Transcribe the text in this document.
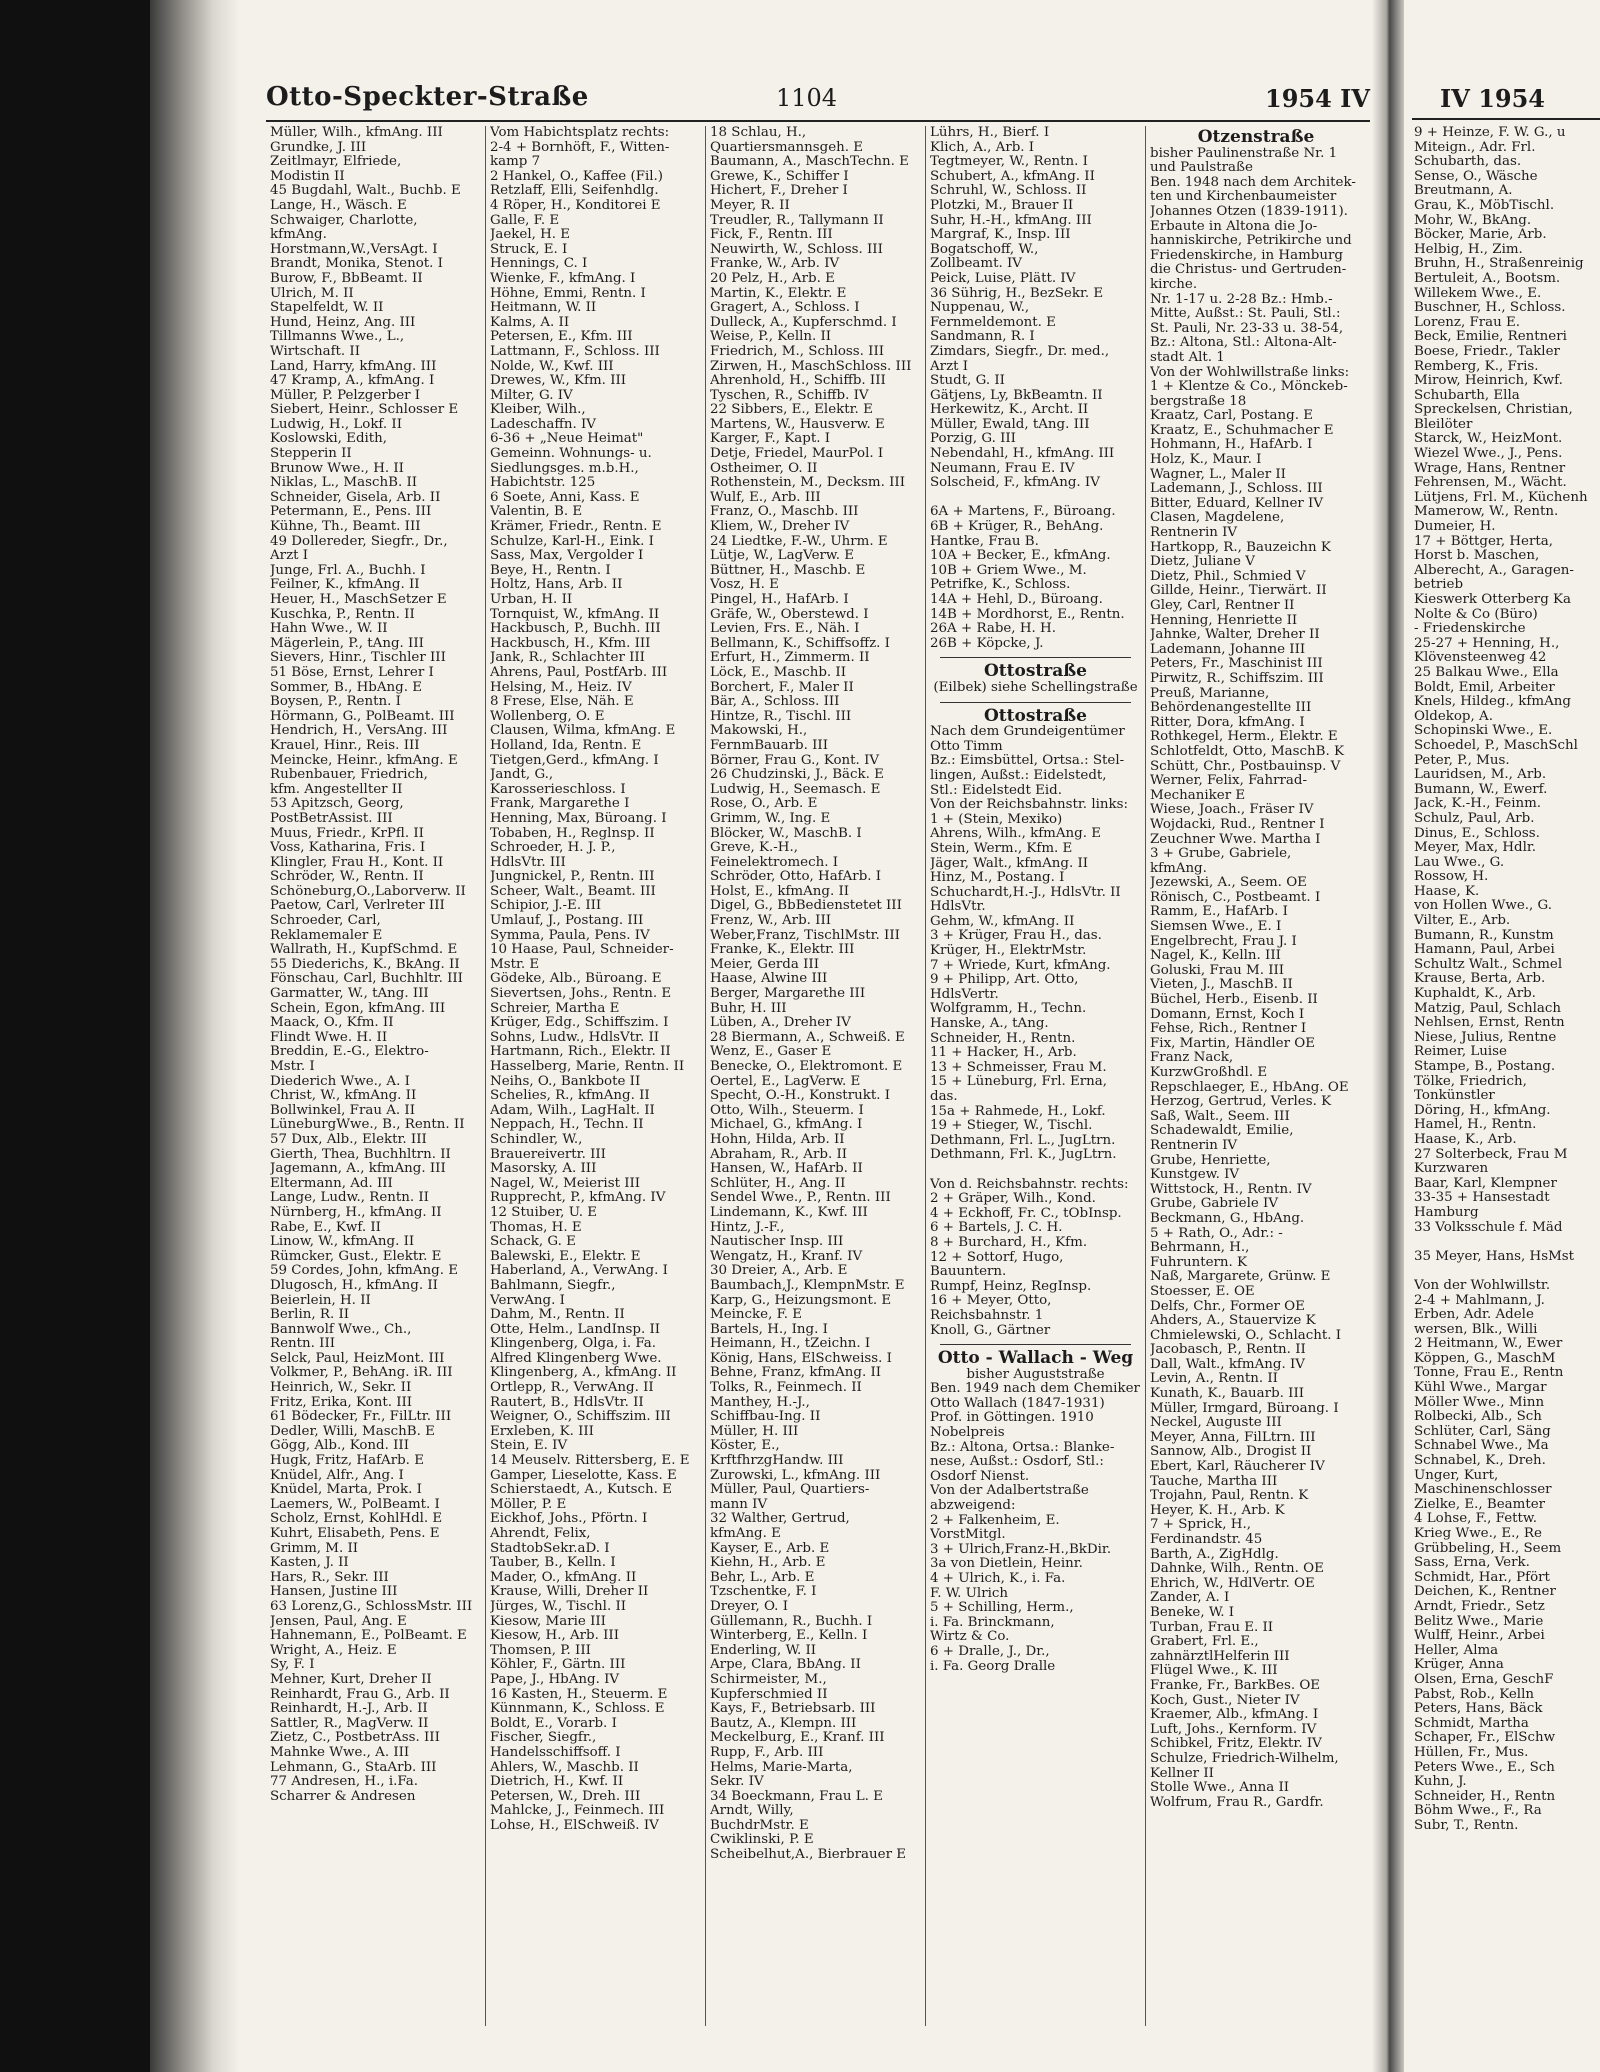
Otto-Speckter-Straße	1104	1954 IV
Müller, Wilh., kfmAng. III
Grundke, J. III
Zeitlmayr, Elfriede,
Modistin II
45 Bugdahl, Walt., Buchb. E
Lange, H., Wäsch. E
Schwaiger, Charlotte,
kfmAng.
Horstmann,W.,VersAgt. I
Brandt, Monika, Stenot. I
Burow, F., BbBeamt. II
Ulrich, M. II
Stapelfeldt, W. II
Hund, Heinz, Ang. III
Tillmanns Wwe., L.,
Wirtschaft. II
Land, Harry, kfmAng. III
47 Kramp, A., kfmAng. I
Müller, P. Pelzgerber I
Siebert, Heinr., Schlosser E
Ludwig, H., Lokf. II
Koslowski, Edith,
Stepperin II
Brunow Wwe., H. II
Niklas, L., MaschB. II
Schneider, Gisela, Arb. II
Petermann, E., Pens. III
Kühne, Th., Beamt. III
49 Dollereder, Siegfr., Dr.,
Arzt I
Junge, Frl. A., Buchh. I
Feilner, K., kfmAng. II
Heuer, H., MaschSetzer E
Kuschka, P., Rentn. II
Hahn Wwe., W. II
Mägerlein, P., tAng. III
Sievers, Hinr., Tischler III
51 Böse, Ernst, Lehrer I
Sommer, B., HbAng. E
Boysen, P., Rentn. I
Hörmann, G., PolBeamt. III
Hendrich, H., VersAng. III
Krauel, Hinr., Reis. III
Meincke, Heinr., kfmAng. E
Rubenbauer, Friedrich,
kfm. Angestellter II
53 Apitzsch, Georg,
PostBetrAssist. III
Muus, Friedr., KrPfl. II
Voss, Katharina, Fris. I
Klingler, Frau H., Kont. II
Schröder, W., Rentn. II
Schöneburg,O.,Laborverw. II
Paetow, Carl, Verlreter III
Schroeder, Carl,
Reklamemaler E
Wallrath, H., KupfSchmd. E
55 Diederichs, K., BkAng. II
Fönschau, Carl, Buchhltr. III
Garmatter, W., tAng. III
Schein, Egon, kfmAng. III
Maack, O., Kfm. II
Flindt Wwe. H. II
Breddin, E.-G., Elektro-
Mstr. I
Diederich Wwe., A. I
Christ, W., kfmAng. II
Bollwinkel, Frau A. II
LüneburgWwe., B., Rentn. II
57 Dux, Alb., Elektr. III
Gierth, Thea, Buchhltrn. II
Jagemann, A., kfmAng. III
Eltermann, Ad. III
Lange, Ludw., Rentn. II
Nürnberg, H., kfmAng. II
Rabe, E., Kwf. II
Linow, W., kfmAng. II
Rümcker, Gust., Elektr. E
59 Cordes, John, kfmAng. E
Dlugosch, H., kfmAng. II
Beierlein, H. II
Berlin, R. II
Bannwolf Wwe., Ch.,
Rentn. III
Selck, Paul, HeizMont. III
Volkmer, P., BehAng. iR. III
Heinrich, W., Sekr. II
Fritz, Erika, Kont. III
61 Bödecker, Fr., FilLtr. III
Dedler, Willi, MaschB. E
Gögg, Alb., Kond. III
Hugk, Fritz, HafArb. E
Knüdel, Alfr., Ang. I
Knüdel, Marta, Prok. I
Laemers, W., PolBeamt. I
Scholz, Ernst, KohlHdl. E
Kuhrt, Elisabeth, Pens. E
Grimm, M. II
Kasten, J. II
Hars, R., Sekr. III
Hansen, Justine III
63 Lorenz,G., SchlossMstr. III
Jensen, Paul, Ang. E
Hahnemann, E., PolBeamt. E
Wright, A., Heiz. E
Sy, F. I
Mehner, Kurt, Dreher II
Reinhardt, Frau G., Arb. II
Reinhardt, H.-J., Arb. II
Sattler, R., MagVerw. II
Zietz, C., PostbetrAss. III
Mahnke Wwe., A. III
Lehmann, G., StaArb. III
77 Andresen, H., i.Fa.
Scharrer & Andresen
Vom Habichtsplatz rechts:
2-4 + Bornhöft, F., Witten-
kamp 7
2 Hankel, O., Kaffee (Fil.)
Retzlaff, Elli, Seifenhdlg.
4 Röper, H., Konditorei E
Galle, F. E
Jaekel, H. E
Struck, E. I
Hennings, C. I
Wienke, F., kfmAng. I
Höhne, Emmi, Rentn. I
Heitmann, W. II
Kalms, A. II
Petersen, E., Kfm. III
Lattmann, F., Schloss. III
Nolde, W., Kwf. III
Drewes, W., Kfm. III
Milter, G. IV
Kleiber, Wilh.,
Ladeschaffn. IV
6-36 + „Neue Heimat"
Gemeinn. Wohnungs- u.
Siedlungsges. m.b.H.,
Habichtstr. 125
6 Soete, Anni, Kass. E
Valentin, B. E
Krämer, Friedr., Rentn. E
Schulze, Karl-H., Eink. I
Sass, Max, Vergolder I
Beye, H., Rentn. I
Holtz, Hans, Arb. II
Urban, H. II
Tornquist, W., kfmAng. II
Hackbusch, P., Buchh. III
Hackbusch, H., Kfm. III
Jank, R., Schlachter III
Ahrens, Paul, PostfArb. III
Helsing, M., Heiz. IV
8 Frese, Else, Näh. E
Wollenberg, O. E
Clausen, Wilma, kfmAng. E
Holland, Ida, Rentn. E
Tietgen,Gerd., kfmAng. I
Jandt, G.,
Karosserieschloss. I
Frank, Margarethe I
Henning, Max, Büroang. I
Tobaben, H., Reglnsp. II
Schroeder, H. J. P.,
HdlsVtr. III
Jungnickel, P., Rentn. III
Scheer, Walt., Beamt. III
Schipior, J.-E. III
Umlauf, J., Postang. III
Symma, Paula, Pens. IV
10 Haase, Paul, Schneider-
Mstr. E
Gödeke, Alb., Büroang. E
Sievertsen, Johs., Rentn. E
Schreier, Martha E
Krüger, Edg., Schiffszim. I
Sohns, Ludw., HdlsVtr. II
Hartmann, Rich., Elektr. II
Hasselberg, Marie, Rentn. II
Neihs, O., Bankbote II
Schelies, R., kfmAng. II
Adam, Wilh., LagHalt. II
Neppach, H., Techn. II
Schindler, W.,
Brauereivertr. III
Masorsky, A. III
Nagel, W., Meierist III
Rupprecht, P., kfmAng. IV
12 Stuiber, U. E
Thomas, H. E
Schack, G. E
Balewski, E., Elektr. E
Haberland, A., VerwAng. I
Bahlmann, Siegfr.,
VerwAng. I
Dahm, M., Rentn. II
Otte, Helm., LandInsp. II
Klingenberg, Olga, i. Fa.
Alfred Klingenberg Wwe.
Klingenberg, A., kfmAng. II
Ortlepp, R., VerwAng. II
Rautert, B., HdlsVtr. II
Weigner, O., Schiffszim. III
Erxleben, K. III
Stein, E. IV
14 Meuselv. Rittersberg, E. E
Gamper, Lieselotte, Kass. E
Schierstaedt, A., Kutsch. E
Möller, P. E
Eickhof, Johs., Pförtn. I
Ahrendt, Felix,
StadtobSekr.aD. I
Tauber, B., Kelln. I
Mader, O., kfmAng. II
Krause, Willi, Dreher II
Jürges, W., Tischl. II
Kiesow, Marie III
Kiesow, H., Arb. III
Thomsen, P. III
Köhler, F., Gärtn. III
Pape, J., HbAng. IV
16 Kasten, H., Steuerm. E
Künnmann, K., Schloss. E
Boldt, E., Vorarb. I
Fischer, Siegfr.,
Handelsschiffsoff. I
Ahlers, W., Maschb. II
Dietrich, H., Kwf. II
Petersen, W., Dreh. III
Mahlcke, J., Feinmech. III
Lohse, H., ElSchweiß. IV
18 Schlau, H.,
Quartiersmannsgeh. E
Baumann, A., MaschTechn. E
Grewe, K., Schiffer I
Hichert, F., Dreher I
Meyer, R. II
Treudler, R., Tallymann II
Fick, F., Rentn. III
Neuwirth, W., Schloss. III
Franke, W., Arb. IV
20 Pelz, H., Arb. E
Martin, K., Elektr. E
Gragert, A., Schloss. I
Dulleck, A., Kupferschmd. I
Weise, P., Kelln. II
Friedrich, M., Schloss. III
Zirwen, H., MaschSchloss. III
Ahrenhold, H., Schiffb. III
Tyschen, R., Schiffb. IV
22 Sibbers, E., Elektr. E
Martens, W., Hausverw. E
Karger, F., Kapt. I
Detje, Friedel, MaurPol. I
Ostheimer, O. II
Rothenstein, M., Decksm. III
Wulf, E., Arb. III
Franz, O., Maschb. III
Kliem, W., Dreher IV
24 Liedtke, F.-W., Uhrm. E
Lütje, W., LagVerw. E
Büttner, H., Maschb. E
Vosz, H. E
Pingel, H., HafArb. I
Gräfe, W., Oberstewd. I
Levien, Frs. E., Näh. I
Bellmann, K., Schiffsoffz. I
Erfurt, H., Zimmerm. II
Löck, E., Maschb. II
Borchert, F., Maler II
Bär, A., Schloss. III
Hintze, R., Tischl. III
Makowski, H.,
FernmBauarb. III
Börner, Frau G., Kont. IV
26 Chudzinski, J., Bäck. E
Ludwig, H., Seemasch. E
Rose, O., Arb. E
Grimm, W., Ing. E
Blöcker, W., MaschB. I
Greve, K.-H.,
Feinelektromech. I
Schröder, Otto, HafArb. I
Holst, E., kfmAng. II
Digel, G., BbBedienstetet III
Frenz, W., Arb. III
Weber,Franz, TischlMstr. III
Franke, K., Elektr. III
Meier, Gerda III
Haase, Alwine III
Berger, Margarethe III
Buhr, H. III
Lüben, A., Dreher IV
28 Biermann, A., Schweiß. E
Wenz, E., Gaser E
Benecke, O., Elektromont. E
Oertel, E., LagVerw. E
Specht, O.-H., Konstrukt. I
Otto, Wilh., Steuerm. I
Michael, G., kfmAng. I
Hohn, Hilda, Arb. II
Abraham, R., Arb. II
Hansen, W., HafArb. II
Schlüter, H., Ang. II
Sendel Wwe., P., Rentn. III
Lindemann, K., Kwf. III
Hintz, J.-F.,
Nautischer Insp. III
Wengatz, H., Kranf. IV
30 Dreier, A., Arb. E
Baumbach,J., KlempnMstr. E
Karp, G., Heizungsmont. E
Meincke, F. E
Bartels, H., Ing. I
Heimann, H., tZeichn. I
König, Hans, ElSchweiss. I
Behne, Franz, kfmAng. II
Tolks, R., Feinmech. II
Manthey, H.-J.,
Schiffbau-Ing. II
Müller, H. III
Köster, E.,
KrftfhrzgHandw. III
Zurowski, L., kfmAng. III
Müller, Paul, Quartiers-
mann IV
32 Walther, Gertrud,
kfmAng. E
Kayser, E., Arb. E
Kiehn, H., Arb. E
Behr, L., Arb. E
Tzschentke, F. I
Dreyer, O. I
Güllemann, R., Buchh. I
Winterberg, E., Kelln. I
Enderling, W. II
Arpe, Clara, BbAng. II
Schirmeister, M.,
Kupferschmied II
Kays, F., Betriebsarb. III
Bautz, A., Klempn. III
Meckelburg, E., Kranf. III
Rupp, F., Arb. III
Helms, Marie-Marta,
Sekr. IV
34 Boeckmann, Frau L. E
Arndt, Willy,
BuchdrMstr. E
Cwiklinski, P. E
Scheibelhut,A., Bierbrauer E
Lührs, H., Bierf. I
Klich, A., Arb. I
Tegtmeyer, W., Rentn. I
Schubert, A., kfmAng. II
Schruhl, W., Schloss. II
Plotzki, M., Brauer II
Suhr, H.-H., kfmAng. III
Margraf, K., Insp. III
Bogatschoff, W.,
Zollbeamt. IV
Peick, Luise, Plätt. IV
36 Sührig, H., BezSekr. E
Nuppenau, W.,
Fernmeldemont. E
Sandmann, R. I
Zimdars, Siegfr., Dr. med.,
Arzt I
Studt, G. II
Gätjens, Ly, BkBeamtn. II
Herkewitz, K., Archt. II
Müller, Ewald, tAng. III
Porzig, G. III
Nebendahl, H., kfmAng. III
Neumann, Frau E. IV
Solscheid, F., kfmAng. IV

6A + Martens, F., Büroang.
6B + Krüger, R., BehAng.
Hantke, Frau B.
10A + Becker, E., kfmAng.
10B + Griem Wwe., M.
Petrifke, K., Schloss.
14A + Hehl, D., Büroang.
14B + Mordhorst, E., Rentn.
26A + Rabe, H. H.
26B + Köpcke, J.
Ottostraße
(Eilbek) siehe Schellingstraße
Ottostraße
Nach dem Grundeigentümer
Otto Timm
Bz.: Eimsbüttel, Ortsa.: Stel-
lingen, Außst.: Eidelstedt,
Stl.: Eidelstedt Eid.
Von der Reichsbahnstr. links:
1 + (Stein, Mexiko)
Ahrens, Wilh., kfmAng. E
Stein, Werm., Kfm. E
Jäger, Walt., kfmAng. II
Hinz, M., Postang. I
Schuchardt,H.-J., HdlsVtr. II
HdlsVtr.
Gehm, W., kfmAng. II
3 + Krüger, Frau H., das.
Krüger, H., ElektrMstr.
7 + Wriede, Kurt, kfmAng.
9 + Philipp, Art. Otto,
HdlsVertr.
Wolfgramm, H., Techn.
Hanske, A., tAng.
Schneider, H., Rentn.
11 + Hacker, H., Arb.
13 + Schmeisser, Frau M.
15 + Lüneburg, Frl. Erna,
das.
15a + Rahmede, H., Lokf.
19 + Stieger, W., Tischl.
Dethmann, Frl. L., JugLtrn.
Dethmann, Frl. K., JugLtrn.

Von d. Reichsbahnstr. rechts:
2 + Gräper, Wilh., Kond.
4 + Eckhoff, Fr. C., tObInsp.
6 + Bartels, J. C. H.
8 + Burchard, H., Kfm.
12 + Sottorf, Hugo,
Bauuntern.
Rumpf, Heinz, RegInsp.
16 + Meyer, Otto,
Reichsbahnstr. 1
Knoll, G., Gärtner
Otto - Wallach - Weg
bisher Auguststraße
Ben. 1949 nach dem Chemiker
Otto Wallach (1847-1931)
Prof. in Göttingen. 1910
Nobelpreis
Bz.: Altona, Ortsa.: Blanke-
nese, Außst.: Osdorf, Stl.:
Osdorf Nienst.
Von der Adalbertstraße
abzweigend:
2 + Falkenheim, E.
VorstMitgl.
3 + Ulrich,Franz-H.,BkDir.
3a von Dietlein, Heinr.
4 + Ulrich, K., i. Fa.
F. W. Ulrich
5 + Schilling, Herm.,
i. Fa. Brinckmann,
Wirtz & Co.
6 + Dralle, J., Dr.,
i. Fa. Georg Dralle
Otzenstraße
bisher Paulinenstraße Nr. 1
und Paulstraße
Ben. 1948 nach dem Architek-
ten und Kirchenbaumeister
Johannes Otzen (1839-1911).
Erbaute in Altona die Jo-
hanniskirche, Petrikirche und
Friedenskirche, in Hamburg
die Christus- und Gertruden-
kirche.
Nr. 1-17 u. 2-28 Bz.: Hmb.-
Mitte, Außst.: St. Pauli, Stl.:
St. Pauli, Nr. 23-33 u. 38-54,
Bz.: Altona, Stl.: Altona-Alt-
stadt Alt. 1
Von der Wohlwillstraße links:
1 + Klentze & Co., Mönckeb-
bergstraße 18
Kraatz, Carl, Postang. E
Kraatz, E., Schuhmacher E
Hohmann, H., HafArb. I
Holz, K., Maur. I
Wagner, L., Maler II
Lademann, J., Schloss. III
Bitter, Eduard, Kellner IV
Clasen, Magdelene,
Rentnerin IV
Hartkopp, R., Bauzeichn K
Dietz, Juliane V
Dietz, Phil., Schmied V
Gillde, Heinr., Tierwärt. II
Gley, Carl, Rentner II
Henning, Henriette II
Jahnke, Walter, Dreher II
Lademann, Johanne III
Peters, Fr., Maschinist III
Pirwitz, R., Schiffszim. III
Preuß, Marianne,
Behördenangestellte III
Ritter, Dora, kfmAng. I
Rothkegel, Herm., Elektr. E
Schlotfeldt, Otto, MaschB. K
Schütt, Chr., Postbauinsp. V
Werner, Felix, Fahrrad-
Mechaniker E
Wiese, Joach., Fräser IV
Wojdacki, Rud., Rentner I
Zeuchner Wwe. Martha I
3 + Grube, Gabriele,
kfmAng.
Jezewski, A., Seem. OE
Rönisch, C., Postbeamt. I
Ramm, E., HafArb. I
Siemsen Wwe., E. I
Engelbrecht, Frau J. I
Nagel, K., Kelln. III
Goluski, Frau M. III
Vieten, J., MaschB. II
Büchel, Herb., Eisenb. II
Domann, Ernst, Koch I
Fehse, Rich., Rentner I
Fix, Martin, Händler OE
Franz Nack,
KurzwGroßhdl. E
Repschlaeger, E., HbAng. OE
Herzog, Gertrud, Verles. K
Saß, Walt., Seem. III
Schadewaldt, Emilie,
Rentnerin IV
Grube, Henriette,
Kunstgew. IV
Wittstock, H., Rentn. IV
Grube, Gabriele IV
Beckmann, G., HbAng.
5 + Rath, O., Adr.: -
Behrmann, H.,
Fuhruntern. K
Naß, Margarete, Grünw. E
Stoesser, E. OE
Delfs, Chr., Former OE
Ahders, A., Stauervize K
Chmielewski, O., Schlacht. I
Jacobasch, P., Rentn. II
Dall, Walt., kfmAng. IV
Levin, A., Rentn. II
Kunath, K., Bauarb. III
Müller, Irmgard, Büroang. I
Neckel, Auguste III
Meyer, Anna, FilLtrn. III
Sannow, Alb., Drogist II
Ebert, Karl, Räucherer IV
Tauche, Martha III
Trojahn, Paul, Rentn. K
Heyer, K. H., Arb. K
7 + Sprick, H.,
Ferdinandstr. 45
Barth, A., ZigHdlg.
Dahnke, Wilh., Rentn. OE
Ehrich, W., HdlVertr. OE
Zander, A. I
Beneke, W. I
Turban, Frau E. II
Grabert, Frl. E.,
zahnärztlHelferin III
Flügel Wwe., K. III
Franke, Fr., BarkBes. OE
Koch, Gust., Nieter IV
Kraemer, Alb., kfmAng. I
Luft, Johs., Kernform. IV
Schibkel, Fritz, Elektr. IV
Schulze, Friedrich-Wilhelm,
Kellner II
Stolle Wwe., Anna II
Wolfrum, Frau R., Gardfr.
IV 1954
9 + Heinze, F. W. G., u
Miteign., Adr. Frl.
Schubarth, das.
Sense, O., Wäsche
Breutmann, A.
Grau, K., MöbTischl.
Mohr, W., BkAng.
Böcker, Marie, Arb.
Helbig, H., Zim.
Bruhn, H., Straßenreinig
Bertuleit, A., Bootsm.
Willekem Wwe., E.
Buschner, H., Schloss.
Lorenz, Frau E.
Beck, Emilie, Rentneri
Boese, Friedr., Takler
Remberg, K., Fris.
Mirow, Heinrich, Kwf.
Schubarth, Ella
Spreckelsen, Christian,
Bleilöter
Starck, W., HeizMont.
Wiezel Wwe., J., Pens.
Wrage, Hans, Rentner
Fehrensen, M., Wächt.
Lütjens, Frl. M., Küchenh
Mamerow, W., Rentn.
Dumeier, H.
17 + Böttger, Herta,
Horst b. Maschen,
Alberecht, A., Garagen-
betrieb
Kieswerk Otterberg Ka
Nolte & Co (Büro)
- Friedenskirche
25-27 + Henning, H.,
Klövensteenweg 42
25 Balkau Wwe., Ella
Boldt, Emil, Arbeiter
Knels, Hildeg., kfmAng
Oldekop, A.
Schopinski Wwe., E.
Schoedel, P., MaschSchl
Peter, P., Mus.
Lauridsen, M., Arb.
Bumann, W., Ewerf.
Jack, K.-H., Feinm.
Schulz, Paul, Arb.
Dinus, E., Schloss.
Meyer, Max, Hdlr.
Lau Wwe., G.
Rossow, H.
Haase, K.
von Hollen Wwe., G.
Vilter, E., Arb.
Bumann, R., Kunstm
Hamann, Paul, Arbei
Schultz Walt., Schmel
Krause, Berta, Arb.
Kuphaldt, K., Arb.
Matzig, Paul, Schlach
Nehlsen, Ernst, Rentn
Niese, Julius, Rentne
Reimer, Luise
Stampe, B., Postang.
Tölke, Friedrich,
Tonkünstler
Döring, H., kfmAng.
Hamel, H., Rentn.
Haase, K., Arb.
27 Solterbeck, Frau M
Kurzwaren
Baar, Karl, Klempner
33-35 + Hansestadt
Hamburg
33 Volksschule f. Mäd

35 Meyer, Hans, HsMst

Von der Wohlwillstr.
2-4 + Mahlmann, J.
Erben, Adr. Adele
wersen, Blk., Willi
2 Heitmann, W., Ewer
Köppen, G., MaschM
Tonne, Frau E., Rentn
Kühl Wwe., Margar
Möller Wwe., Minn
Rolbecki, Alb., Sch
Schlüter, Carl, Säng
Schnabel Wwe., Ma
Schnabel, K., Dreh.
Unger, Kurt,
Maschinenschlosser
Zielke, E., Beamter
4 Lohse, F., Fettw.
Krieg Wwe., E., Re
Grübbeling, H., Seem
Sass, Erna, Verk.
Schmidt, Har., Pfört
Deichen, K., Rentner
Arndt, Friedr., Setz
Belitz Wwe., Marie
Wulff, Heinr., Arbei
Heller, Alma
Krüger, Anna
Olsen, Erna, GeschF
Pabst, Rob., Kelln
Peters, Hans, Bäck
Schmidt, Martha
Schaper, Fr., ElSchw
Hüllen, Fr., Mus.
Peters Wwe., E., Sch
Kuhn, J.
Schneider, H., Rentn
Böhm Wwe., F., Ra
Subr, T., Rentn.
